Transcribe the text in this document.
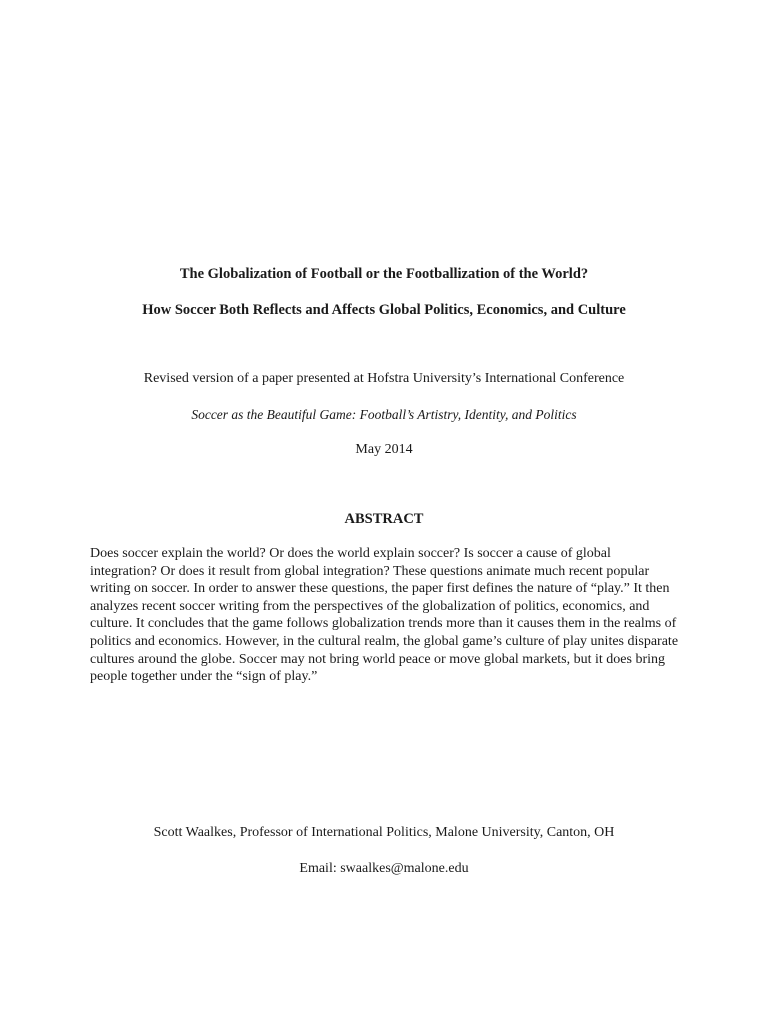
The Globalization of Football or the Footballization of the World?
How Soccer Both Reflects and Affects Global Politics, Economics, and Culture
Revised version of a paper presented at Hofstra University’s International Conference
Soccer as the Beautiful Game: Football’s Artistry, Identity, and Politics
May 2014
ABSTRACT
Does soccer explain the world? Or does the world explain soccer? Is soccer a cause of global integration? Or does it result from global integration? These questions animate much recent popular writing on soccer. In order to answer these questions, the paper first defines the nature of “play.” It then analyzes recent soccer writing from the perspectives of the globalization of politics, economics, and culture. It concludes that the game follows globalization trends more than it causes them in the realms of politics and economics. However, in the cultural realm, the global game’s culture of play unites disparate cultures around the globe. Soccer may not bring world peace or move global markets, but it does bring people together under the “sign of play.”
Scott Waalkes, Professor of International Politics, Malone University, Canton, OH
Email: swaalkes@malone.edu
